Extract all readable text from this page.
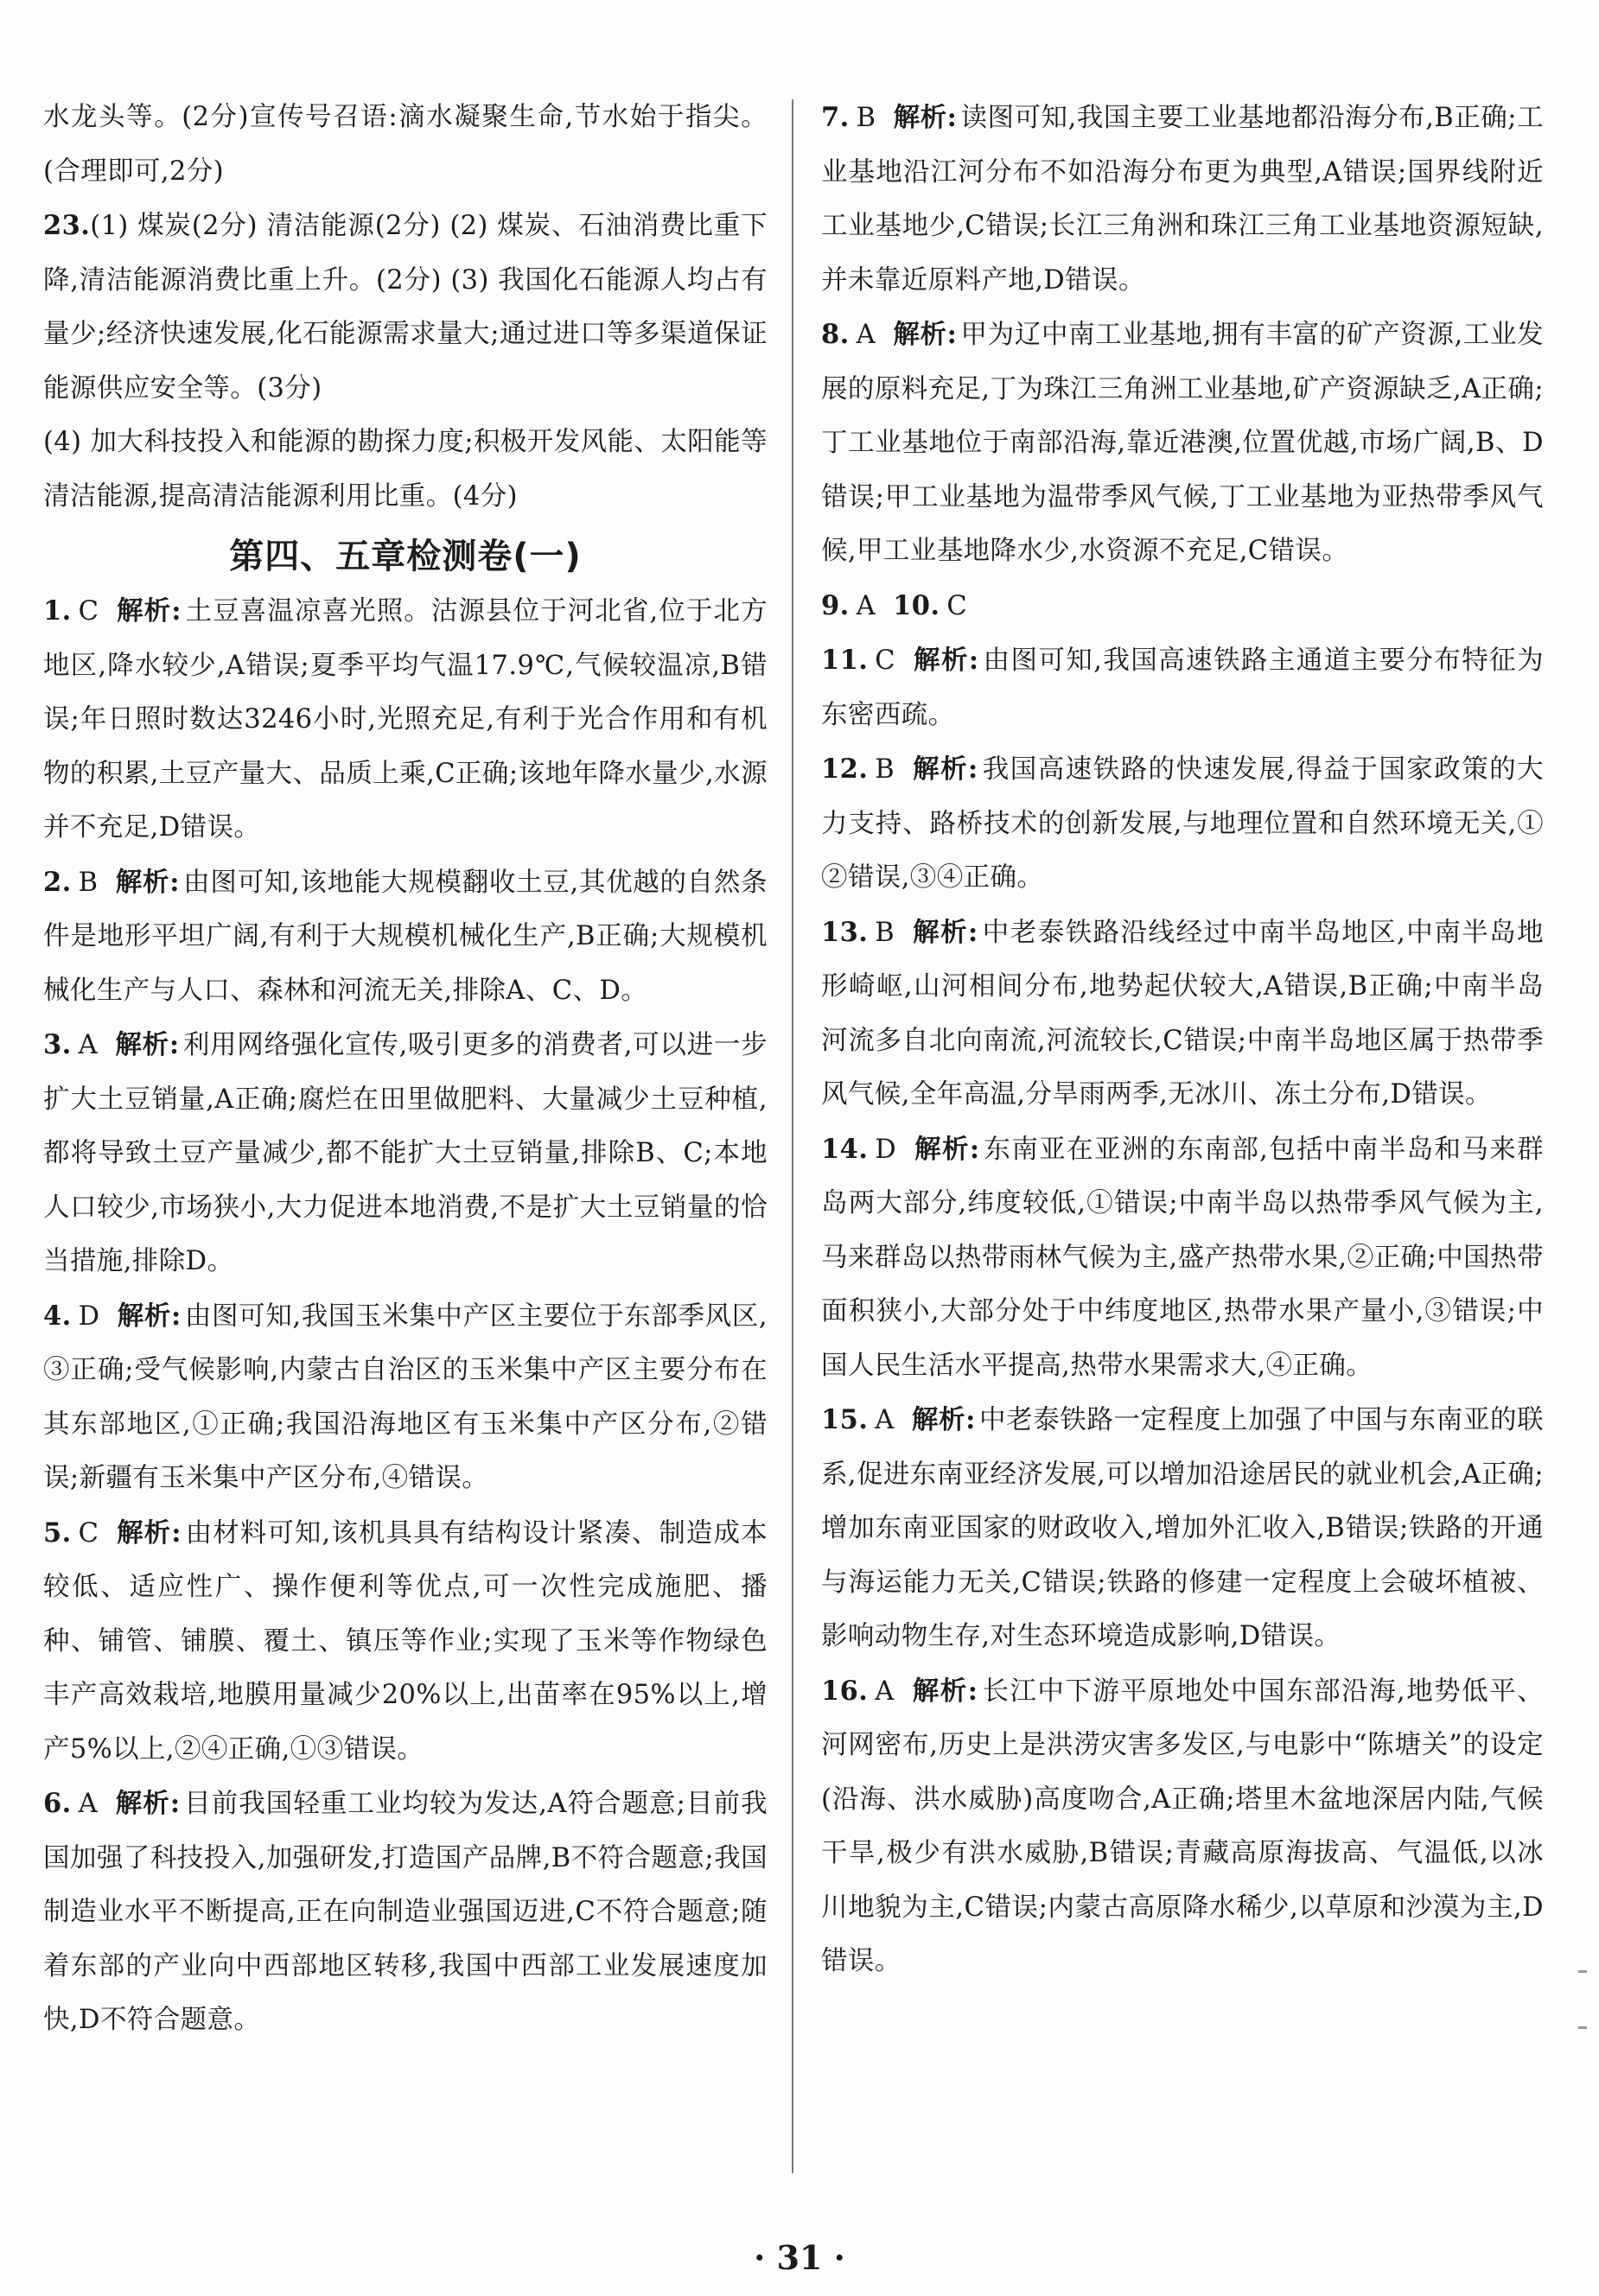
水龙头等。(2分)宣传号召语:滴水凝聚生命,节水始于指尖。(合理即可,2分)

23.(1) 煤炭(2分) 清洁能源(2分) (2) 煤炭、石油消费比重下降,清洁能源消费比重上升。(2分) (3) 我国化石能源人均占有量少;经济快速发展,化石能源需求量大;通过进口等多渠道保证能源供应安全等。(3分)

(4) 加大科技投入和能源的勘探力度;积极开发风能、太阳能等清洁能源,提高清洁能源利用比重。(4分)

第四、五章检测卷(一)

1. C 解析: 土豆喜温凉喜光照。沽源县位于河北省,位于北方地区,降水较少,A错误;夏季平均气温17.9℃,气候较温凉,B错误;年日照时数达3246小时,光照充足,有利于光合作用和有机物的积累,土豆产量大、品质上乘,C正确;该地年降水量少,水源并不充足,D错误。

2. B 解析: 由图可知,该地能大规模翻收土豆,其优越的自然条件是地形平坦广阔,有利于大规模机械化生产,B正确;大规模机械化生产与人口、森林和河流无关,排除A、C、D。

3. A 解析: 利用网络强化宣传,吸引更多的消费者,可以进一步扩大土豆销量,A正确;腐烂在田里做肥料、大量减少土豆种植,都将导致土豆产量减少,都不能扩大土豆销量,排除B、C;本地人口较少,市场狭小,大力促进本地消费,不是扩大土豆销量的恰当措施,排除D。

4. D 解析: 由图可知,我国玉米集中产区主要位于东部季风区,③正确;受气候影响,内蒙古自治区的玉米集中产区主要分布在其东部地区,①正确;我国沿海地区有玉米集中产区分布,②错误;新疆有玉米集中产区分布,④错误。

5. C 解析: 由材料可知,该机具具有结构设计紧凑、制造成本较低、适应性广、操作便利等优点,可一次性完成施肥、播种、铺管、铺膜、覆土、镇压等作业;实现了玉米等作物绿色丰产高效栽培,地膜用量减少20%以上,出苗率在95%以上,增产5%以上,②④正确,①③错误。

6. A 解析: 目前我国轻重工业均较为发达,A符合题意;目前我国加强了科技投入,加强研发,打造国产品牌,B不符合题意;我国制造业水平不断提高,正在向制造业强国迈进,C不符合题意;随着东部的产业向中西部地区转移,我国中西部工业发展速度加快,D不符合题意。

7. B 解析: 读图可知,我国主要工业基地都沿海分布,B正确;工业基地沿江河分布不如沿海分布更为典型,A错误;国界线附近工业基地少,C错误;长江三角洲和珠江三角工业基地资源短缺,并未靠近原料产地,D错误。

8. A 解析: 甲为辽中南工业基地,拥有丰富的矿产资源,工业发展的原料充足,丁为珠江三角洲工业基地,矿产资源缺乏,A正确;丁工业基地位于南部沿海,靠近港澳,位置优越,市场广阔,B、D错误;甲工业基地为温带季风气候,丁工业基地为亚热带季风气候,甲工业基地降水少,水资源不充足,C错误。

9. A 10. C

11. C 解析: 由图可知,我国高速铁路主通道主要分布特征为东密西疏。

12. B 解析: 我国高速铁路的快速发展,得益于国家政策的大力支持、路桥技术的创新发展,与地理位置和自然环境无关,①②错误,③④正确。

13. B 解析: 中老泰铁路沿线经过中南半岛地区,中南半岛地形崎岖,山河相间分布,地势起伏较大,A错误,B正确;中南半岛河流多自北向南流,河流较长,C错误;中南半岛地区属于热带季风气候,全年高温,分旱雨两季,无冰川、冻土分布,D错误。

14. D 解析: 东南亚在亚洲的东南部,包括中南半岛和马来群岛两大部分,纬度较低,①错误;中南半岛以热带季风气候为主,马来群岛以热带雨林气候为主,盛产热带水果,②正确;中国热带面积狭小,大部分处于中纬度地区,热带水果产量小,③错误;中国人民生活水平提高,热带水果需求大,④正确。

15. A 解析: 中老泰铁路一定程度上加强了中国与东南亚的联系,促进东南亚经济发展,可以增加沿途居民的就业机会,A正确;增加东南亚国家的财政收入,增加外汇收入,B错误;铁路的开通与海运能力无关,C错误;铁路的修建一定程度上会破坏植被、影响动物生存,对生态环境造成影响,D错误。

16. A 解析: 长江中下游平原地处中国东部沿海,地势低平、河网密布,历史上是洪涝灾害多发区,与电影中“陈塘关”的设定(沿海、洪水威胁)高度吻合,A正确;塔里木盆地深居内陆,气候干旱,极少有洪水威胁,B错误;青藏高原海拔高、气温低,以冰川地貌为主,C错误;内蒙古高原降水稀少,以草原和沙漠为主,D错误。

· 31 ·
